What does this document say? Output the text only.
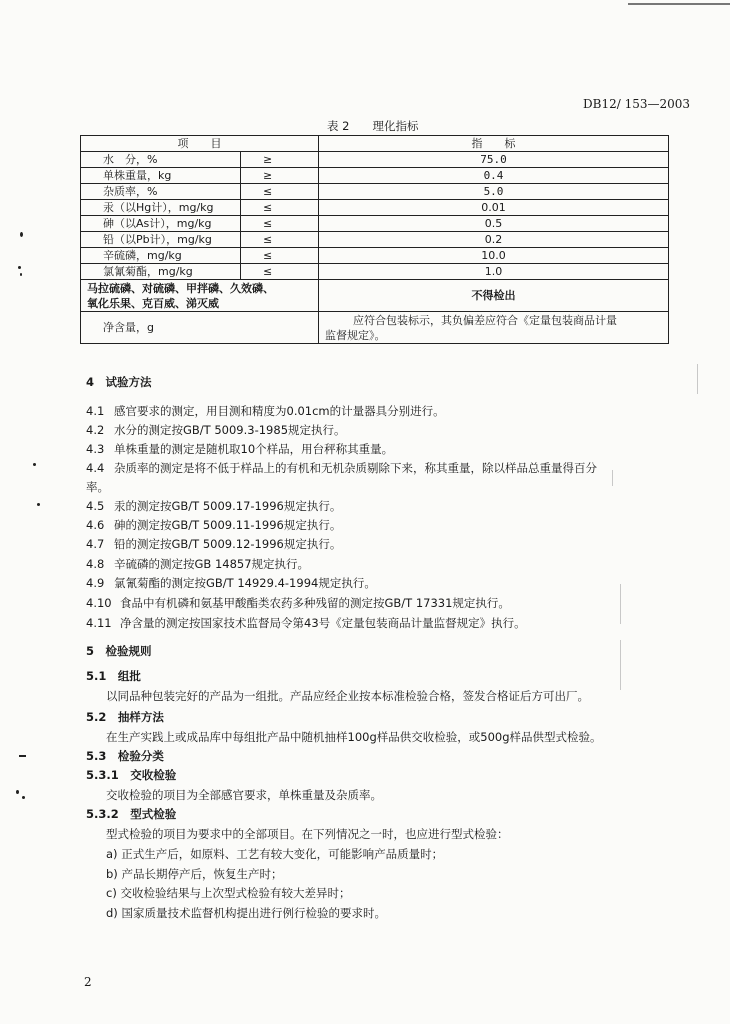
DB12/ 153—2003
表 2　　理化指标
项　　目		指　　标
水　分，%	≥	75.0
单株重量，kg	≥	0.4
杂质率，%	≤	5.0
汞（以Hg计），mg/kg	≤	0.01
砷（以As计），mg/kg	≤	0.5
铅（以Pb计），mg/kg	≤	0.2
辛硫磷，mg/kg	≤	10.0
氯氰菊酯，mg/kg	≤	1.0

马拉硫磷、对硫磷、甲拌磷、久效磷、
氧化乐果、克百威、涕灭威		不得检出
净含量，g		应符合包装标示，其负偏差应符合《定量包装商品计量
监督规定》。
4　试验方法
4.1 感官要求的测定，用目测和精度为0.01cm的计量器具分别进行。
4.2 水分的测定按GB/T 5009.3-1985规定执行。
4.3 单株重量的测定是随机取10个样品，用台秤称其重量。
4.4 杂质率的测定是将不低于样品上的有机和无机杂质剔除下来，称其重量，除以样品总重量得百分
率。
4.5 汞的测定按GB/T 5009.17-1996规定执行。
4.6 砷的测定按GB/T 5009.11-1996规定执行。
4.7 铅的测定按GB/T 5009.12-1996规定执行。
4.8 辛硫磷的测定按GB 14857规定执行。
4.9 氯氰菊酯的测定按GB/T 14929.4-1994规定执行。
4.10 食品中有机磷和氨基甲酸酯类农药多种残留的测定按GB/T 17331规定执行。
4.11 净含量的测定按国家技术监督局令第43号《定量包装商品计量监督规定》执行。
5　检验规则
5.1　组批
以同品种包装完好的产品为一组批。产品应经企业按本标准检验合格，签发合格证后方可出厂。
5.2　抽样方法
在生产实践上或成品库中每组批产品中随机抽样100g样品供交收检验，或500g样品供型式检验。
5.3　检验分类
5.3.1　交收检验
交收检验的项目为全部感官要求，单株重量及杂质率。
5.3.2　型式检验
型式检验的项目为要求中的全部项目。在下列情况之一时，也应进行型式检验：
a) 正式生产后，如原料、工艺有较大变化，可能影响产品质量时；
b) 产品长期停产后，恢复生产时；
c) 交收检验结果与上次型式检验有较大差异时；
d) 国家质量技术监督机构提出进行例行检验的要求时。
2
